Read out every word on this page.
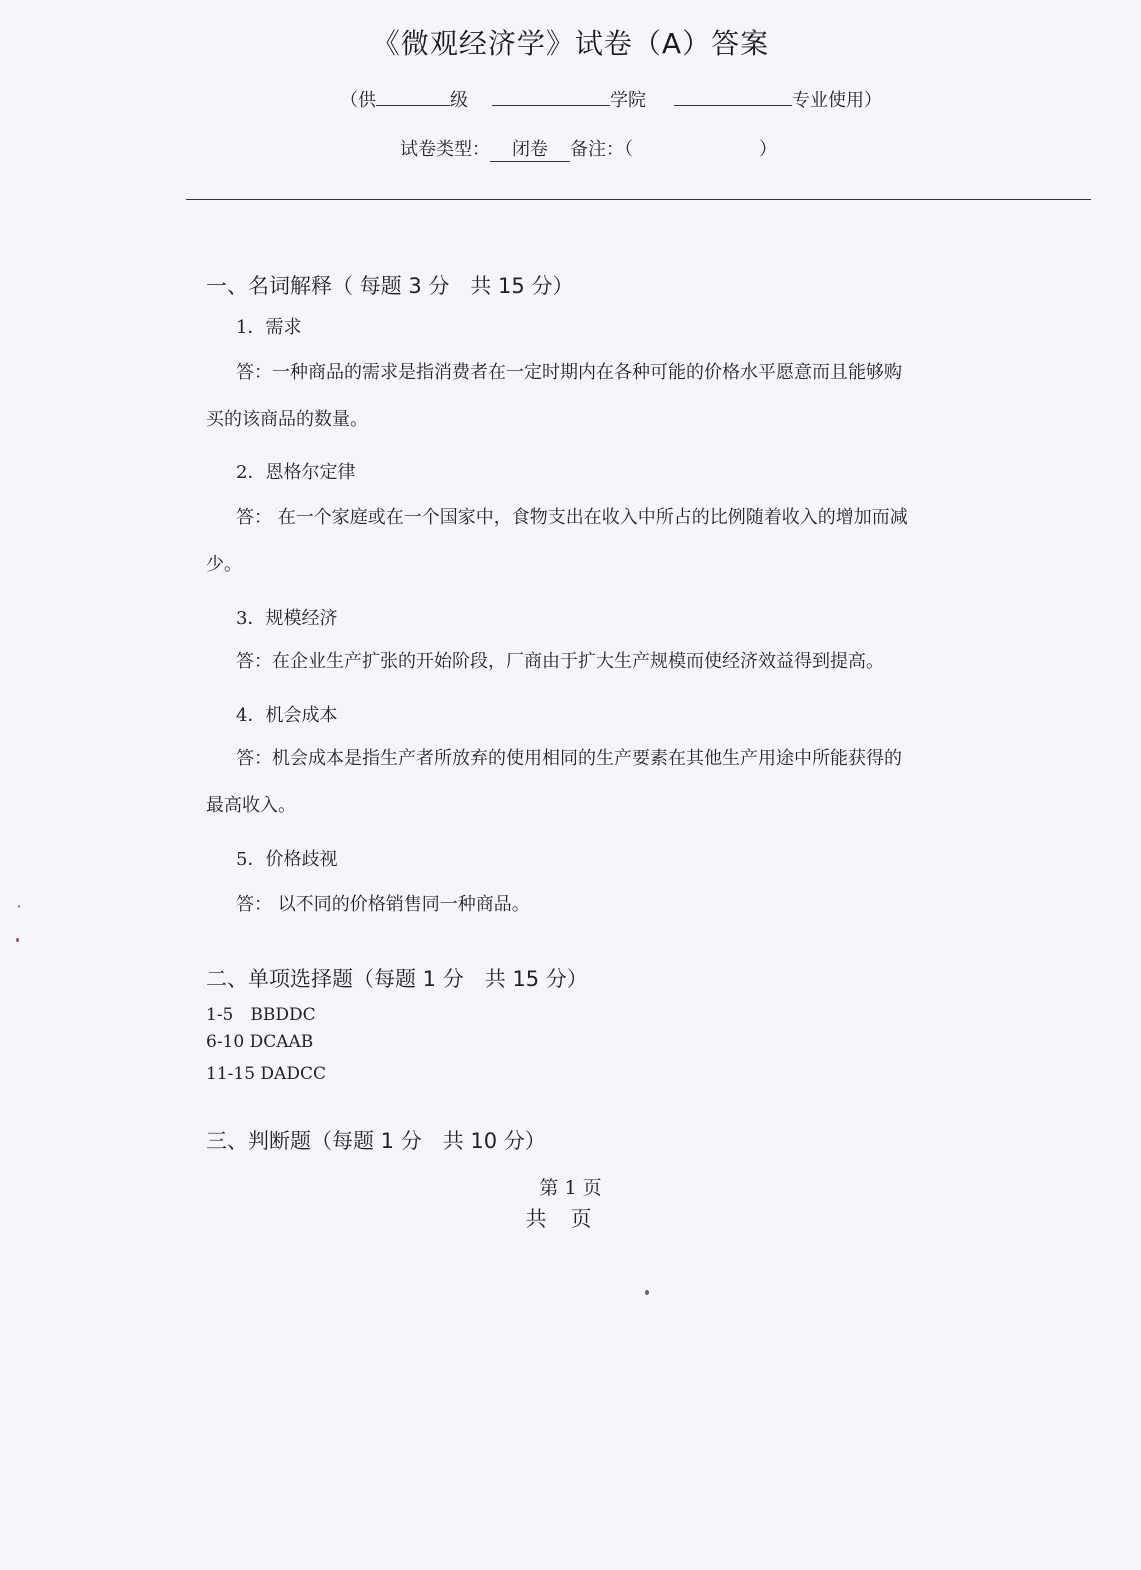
《微观经济学》试卷（A）答案
（供	级	学院	专业使用）
试卷类型： 闭卷 备注：（	）
一、名词解释（ 每题 3 分　共 15 分）
1．需求
答：一种商品的需求是指消费者在一定时期内在各种可能的价格水平愿意而且能够购
买的该商品的数量。
2．恩格尔定律
答： 在一个家庭或在一个国家中，食物支出在收入中所占的比例随着收入的增加而减
少。
3．规模经济
答：在企业生产扩张的开始阶段，厂商由于扩大生产规模而使经济效益得到提高。
4．机会成本
答：机会成本是指生产者所放弃的使用相同的生产要素在其他生产用途中所能获得的
最高收入。
5．价格歧视
答： 以不同的价格销售同一种商品。
二、单项选择题（每题 1 分　共 15 分）
1-5　BBDDC
6-10 DCAAB
11-15 DADCC
三、判断题（每题 1 分　共 10 分）
第 1 页
共页
